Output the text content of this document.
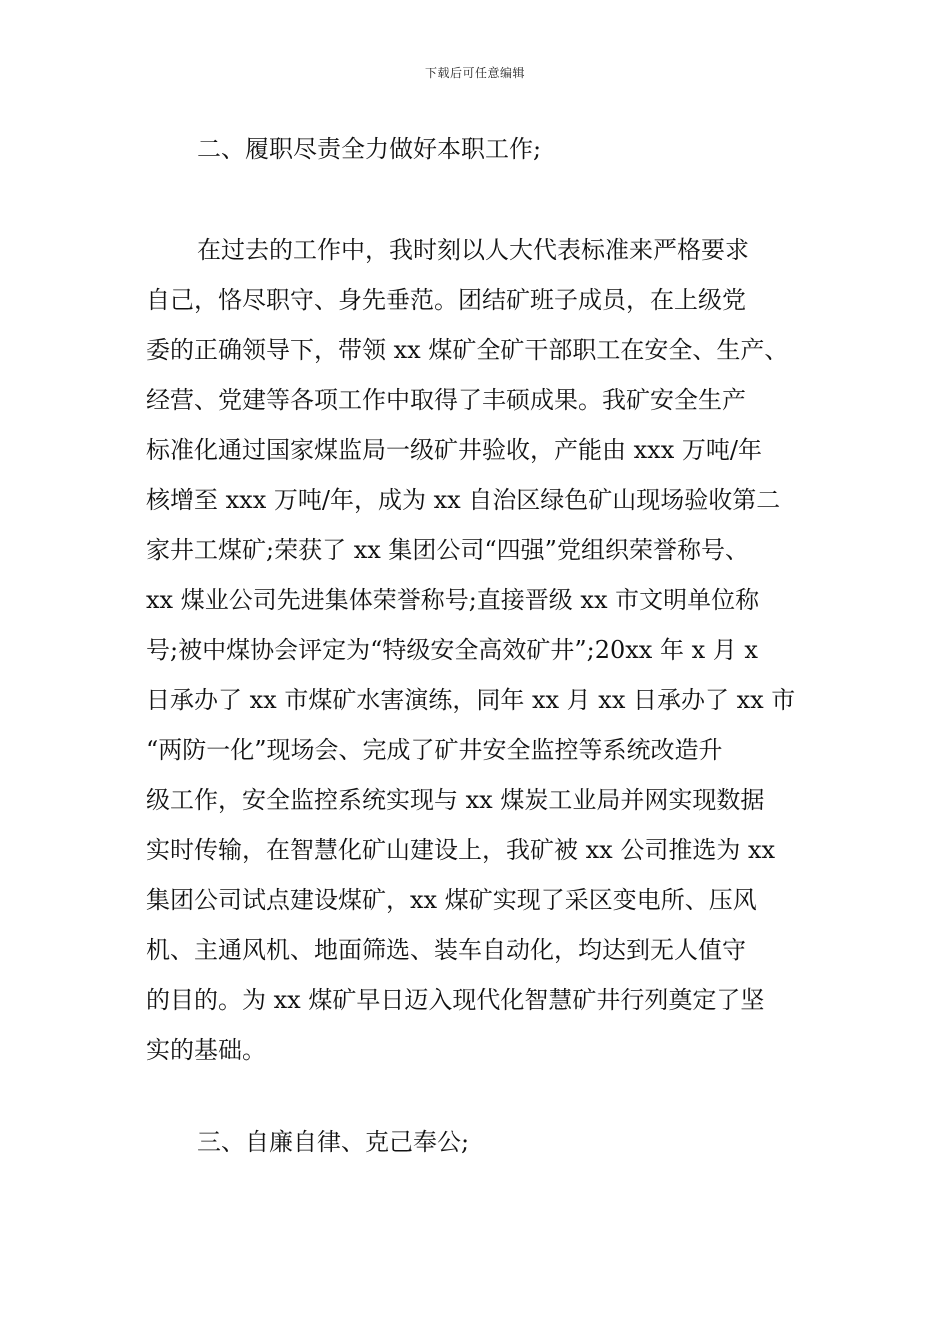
下载后可任意编辑
二、履职尽责全力做好本职工作;
在过去的工作中，我时刻以人大代表标准来严格要求
自己，恪尽职守、身先垂范。团结矿班子成员，在上级党
委的正确领导下，带领 xx 煤矿全矿干部职工在安全、生产、
经营、党建等各项工作中取得了丰硕成果。我矿安全生产
标准化通过国家煤监局一级矿井验收，产能由 xxx 万吨/年
核增至 xxx 万吨/年，成为 xx 自治区绿色矿山现场验收第二
家井工煤矿;荣获了 xx 集团公司“四强”党组织荣誉称号、
xx 煤业公司先进集体荣誉称号;直接晋级 xx 市文明单位称
号;被中煤协会评定为“特级安全高效矿井”;20xx 年 x 月 x
日承办了 xx 市煤矿水害演练，同年 xx 月 xx 日承办了 xx 市
“两防一化”现场会、完成了矿井安全监控等系统改造升
级工作，安全监控系统实现与 xx 煤炭工业局并网实现数据
实时传输，在智慧化矿山建设上，我矿被 xx 公司推选为 xx
集团公司试点建设煤矿，xx 煤矿实现了采区变电所、压风
机、主通风机、地面筛选、装车自动化，均达到无人值守
的目的。为 xx 煤矿早日迈入现代化智慧矿井行列奠定了坚
实的基础。
三、自廉自律、克己奉公;
